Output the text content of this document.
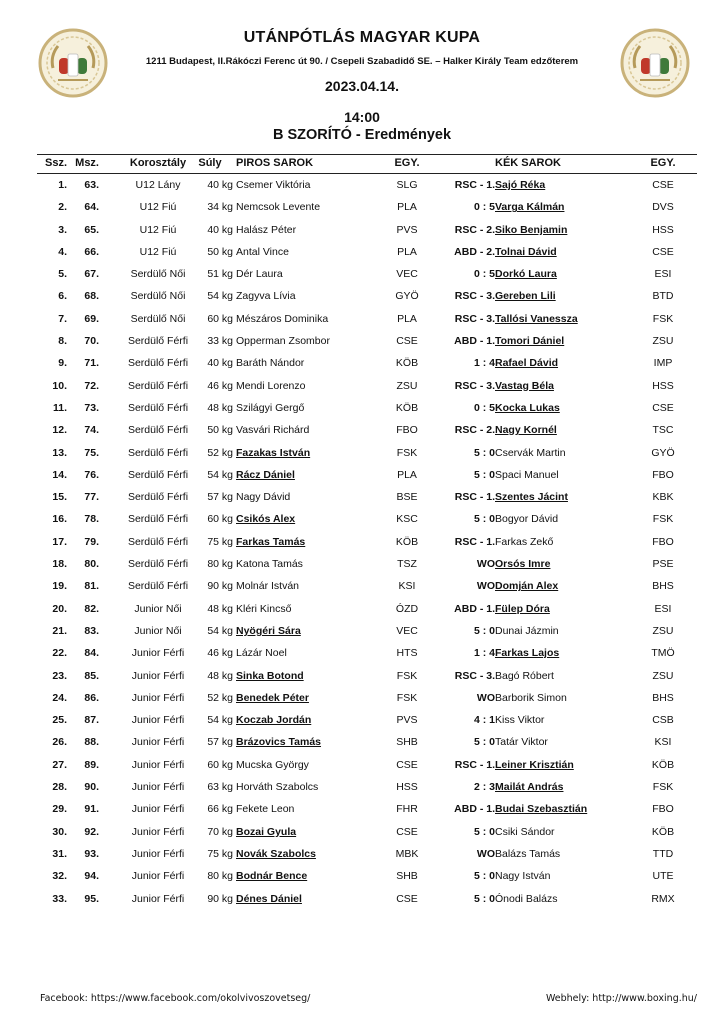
UTÁNPÓTLÁS MAGYAR KUPA
1211 Budapest, II.Rákóczi Ferenc út 90. / Csepeli Szabadidő SE. – Halker Király Team edzőterem
2023.04.14.
14:00
B SZORÍTÓ - Eredmények
Ssz. Msz.	Korosztály	Súly	PIROS SAROK	EGY.	KÉK SAROK	EGY.
1.	63.	U12 Lány	40 kg Csemer Viktória	SLG	RSC - 1. Sajó Réka	CSE
2.	64.	U12 Fiú	34 kg Nemcsok Levente	PLA	0 : 5 Varga Kálmán	DVS
3.	65.	U12 Fiú	40 kg Halász Péter	PVS	RSC - 2. Siko Benjamin	HSS
4.	66.	U12 Fiú	50 kg Antal Vince	PLA	ABD - 2. Tolnai Dávid	CSE
5.	67.	Serdülő Női	51 kg Dér Laura	VEC	0 : 5 Dorkó Laura	ESI
6.	68.	Serdülő Női	54 kg Zagyva Lívia	GYÖ	RSC - 3. Gereben Lili	BTD
7.	69.	Serdülő Női	60 kg Mészáros Dominika	PLA	RSC - 3. Tallósi Vanessza	FSK
8.	70.	Serdülő Férfi	33 kg Opperman Zsombor	CSE	ABD - 1. Tomori Dániel	ZSU
9.	71.	Serdülő Férfi	40 kg Baráth Nándor	KÖB	1 : 4 Rafael Dávid	IMP
10.	72.	Serdülő Férfi	46 kg Mendi Lorenzo	ZSU	RSC - 3. Vastag Béla	HSS
11.	73.	Serdülő Férfi	48 kg Szilágyi Gergő	KÖB	0 : 5 Kocka Lukas	CSE
12.	74.	Serdülő Férfi	50 kg Vasvári Richárd	FBO	RSC - 2. Nagy Kornél	TSC
13.	75.	Serdülő Férfi	52 kg Fazakas István	FSK	5 : 0 Cservák Martin	GYÖ
14.	76.	Serdülő Férfi	54 kg Rácz Dániel	PLA	5 : 0 Spaci Manuel	FBO
15.	77.	Serdülő Férfi	57 kg Nagy Dávid	BSE	RSC - 1. Szentes Jácint	KBK
16.	78.	Serdülő Férfi	60 kg Csikós Alex	KSC	5 : 0 Bogyor Dávid	FSK
17.	79.	Serdülő Férfi	75 kg Farkas Tamás	KÖB	RSC - 1. Farkas Zekő	FBO
18.	80.	Serdülő Férfi	80 kg Katona Tamás	TSZ	WO Orsós Imre	PSE
19.	81.	Serdülő Férfi	90 kg Molnár István	KSI	WO Domján Alex	BHS
20.	82.	Junior Női	48 kg Kléri Kincső	ÓZD	ABD - 1. Fülep Dóra	ESI
21.	83.	Junior Női	54 kg Nyögéri Sára	VEC	5 : 0 Dunai Jázmin	ZSU
22.	84.	Junior Férfi	46 kg Lázár Noel	HTS	1 : 4 Farkas Lajos	TMÖ
23.	85.	Junior Férfi	48 kg Sinka Botond	FSK	RSC - 3. Bagó Róbert	ZSU
24.	86.	Junior Férfi	52 kg Benedek Péter	FSK	WO Barborik Simon	BHS
25.	87.	Junior Férfi	54 kg Koczab Jordán	PVS	4 : 1 Kiss Viktor	CSB
26.	88.	Junior Férfi	57 kg Brázovics Tamás	SHB	5 : 0 Tatár Viktor	KSI
27.	89.	Junior Férfi	60 kg Mucska György	CSE	RSC - 1. Leiner Krisztián	KÖB
28.	90.	Junior Férfi	63 kg Horváth Szabolcs	HSS	2 : 3 Mailát András	FSK
29.	91.	Junior Férfi	66 kg Fekete Leon	FHR	ABD - 1. Budai Szebasztián	FBO
30.	92.	Junior Férfi	70 kg Bozai Gyula	CSE	5 : 0 Csiki Sándor	KÖB
31.	93.	Junior Férfi	75 kg Novák Szabolcs	MBK	WO Balázs Tamás	TTD
32.	94.	Junior Férfi	80 kg Bodnár Bence	SHB	5 : 0 Nagy István	UTE
33.	95.	Junior Férfi	90 kg Dénes Dániel	CSE	5 : 0 Ónodi Balázs	RMX
Facebook: https://www.facebook.com/okolvivoszovetseg/	Webhely: http://www.boxing.hu/
